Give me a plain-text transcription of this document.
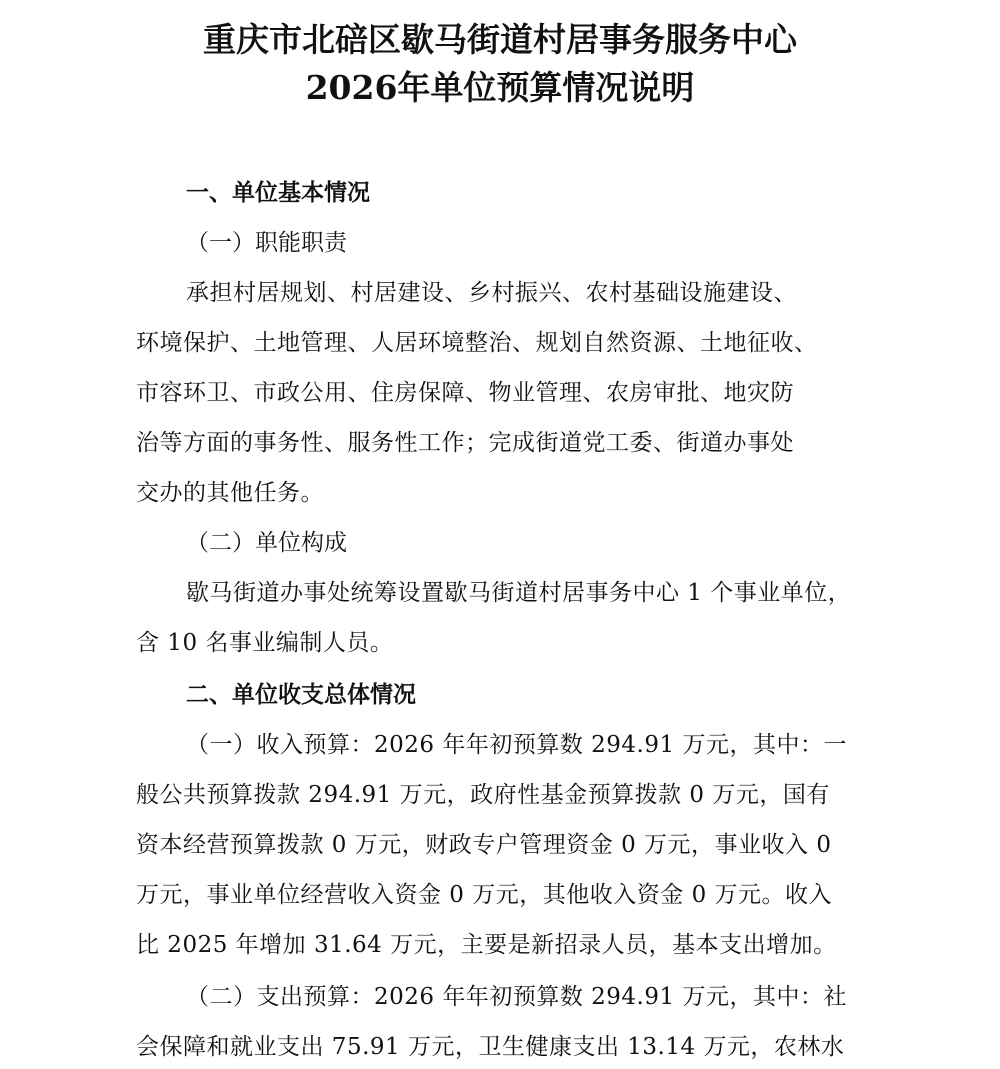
重庆市北碚区歇马街道村居事务服务中心
2026年单位预算情况说明
一、单位基本情况
（一）职能职责
承担村居规划、村居建设、乡村振兴、农村基础设施建设、
环境保护、土地管理、人居环境整治、规划自然资源、土地征收、
市容环卫、市政公用、住房保障、物业管理、农房审批、地灾防
治等方面的事务性、服务性工作；完成街道党工委、街道办事处
交办的其他任务。
（二）单位构成
歇马街道办事处统筹设置歇马街道村居事务中心 1 个事业单位，
含 10 名事业编制人员。
二、单位收支总体情况
（一）收入预算：2026 年年初预算数 294.91 万元，其中：一
般公共预算拨款 294.91 万元，政府性基金预算拨款 0 万元，国有
资本经营预算拨款 0 万元，财政专户管理资金 0 万元，事业收入 0
万元，事业单位经营收入资金 0 万元，其他收入资金 0 万元。收入
比 2025 年增加 31.64 万元，主要是新招录人员，基本支出增加。
（二）支出预算：2026 年年初预算数 294.91 万元，其中：社
会保障和就业支出 75.91 万元，卫生健康支出 13.14 万元，农林水
